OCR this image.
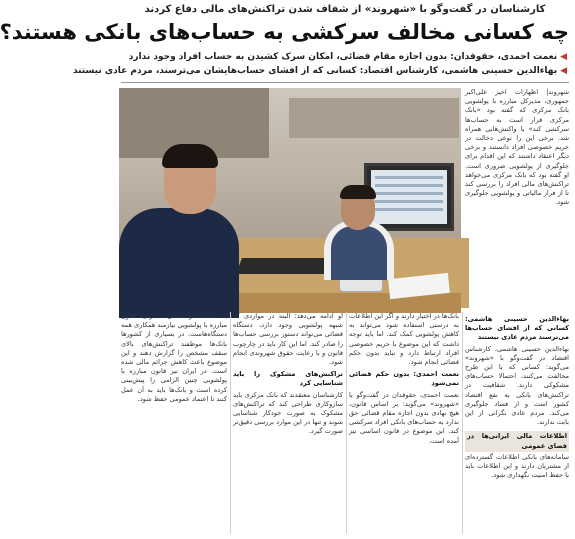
کارشناسان در گفت‌وگو با «شهروند» از شفاف شدن تراکنش‌های مالی دفاع کردند
چه کسانی مخالف سرکشی به حساب‌های بانکی هستند؟
◀نعمت احمدی، حقوقدان: بدون اجازه مقام قضائی، امکان سرک کشیدن به حساب افراد وجود ندارد
◀بهاءالدین حسینی هاشمی، کارشناس اقتصاد: کسانی که از افشای حساب‌هایشان می‌ترسند، مردم عادی نیستند

شهروند| اظهارات اخیر علی‌اکبر جمهوری، مدیرکل مبارزه با پولشویی بانک مرکزی که گفته بود «بانک مرکزی قرار است به حساب‌ها سرکشی کند» با واکنش‌هایی همراه شد. برخی این را نوعی دخالت در حریم خصوصی افراد دانستند و برخی دیگر اعتقاد داشتند که این اقدام برای جلوگیری از پولشویی ضروری است. او گفته بود که بانک مرکزی می‌خواهد تراکنش‌های مالی افراد را بررسی کند تا از فرار مالیاتی و پولشویی جلوگیری شود.

بهاءالدین حسینی هاشمی: کسانی که از افشای حساب‌ها می‌ترسند مردم عادی نیستند

بهاءالدین حسینی هاشمی، کارشناس اقتصاد در گفت‌وگو با «شهروند» می‌گوید: کسانی که با این طرح مخالفت می‌کنند، احتمالا حساب‌های مشکوکی دارند. شفافیت در تراکنش‌های بانکی به نفع اقتصاد کشور است و از فساد جلوگیری می‌کند. مردم عادی نگرانی از این بابت ندارند.

اطلاعات مالی ایرانی‌ها در فضای عمومی

سامانه‌های بانکی اطلاعات گسترده‌ای از مشتریان دارند و این اطلاعات باید با حفظ امنیت نگهداری شود.

بانک‌ها در اختیار دارند و اگر این اطلاعات به درستی استفاده شود می‌تواند به کاهش پولشویی کمک کند. اما باید توجه داشت که این موضوع با حریم خصوصی افراد ارتباط دارد و نباید بدون حکم قضائی انجام شود.

نعمت احمدی: بدون حکم قضائی نمی‌شود

نعمت احمدی، حقوقدان در گفت‌وگو با «شهروند» می‌گوید: بر اساس قانون، هیچ نهادی بدون اجازه مقام قضائی حق ندارد به حساب‌های بانکی افراد سرکشی کند. این موضوع در قانون اساسی نیز آمده است.

او ادامه می‌دهد: البته در مواردی که شبهه پولشویی وجود دارد، دستگاه قضائی می‌تواند دستور بررسی حساب‌ها را صادر کند. اما این کار باید در چارچوب قانون و با رعایت حقوق شهروندی انجام شود.

تراکنش‌های مشکوک را باید شناسایی کرد

کارشناسان معتقدند که بانک مرکزی باید سازوکاری طراحی کند که تراکنش‌های مشکوک به صورت خودکار شناسایی شوند و تنها در این موارد بررسی دقیق‌تر صورت گیرد.

به گفته کارشناسان، اجرای قانون مبارزه با پولشویی نیازمند همکاری همه دستگاه‌هاست. در بسیاری از کشورها بانک‌ها موظفند تراکنش‌های بالای سقف مشخص را گزارش دهند و این موضوع باعث کاهش جرائم مالی شده است. در ایران نیز قانون مبارزه با پولشویی چنین الزامی را پیش‌بینی کرده است و بانک‌ها باید به آن عمل کنند تا اعتماد عمومی حفظ شود.
